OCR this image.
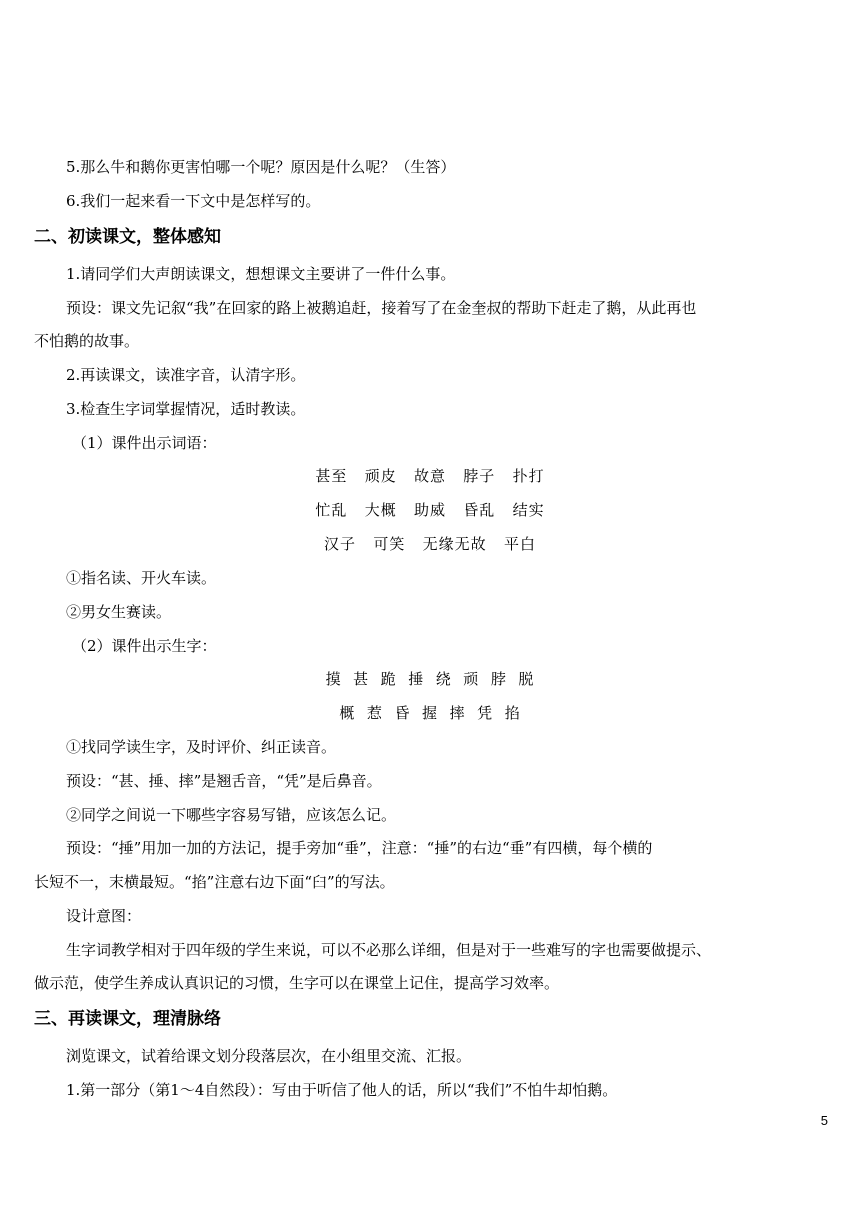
5.那么牛和鹅你更害怕哪一个呢？原因是什么呢？（生答）
6.我们一起来看一下文中是怎样写的。
二、初读课文，整体感知
1.请同学们大声朗读课文，想想课文主要讲了一件什么事。
预设：课文先记叙“我”在回家的路上被鹅追赶，接着写了在金奎叔的帮助下赶走了鹅，从此再也
不怕鹅的故事。
2.再读课文，读准字音，认清字形。
3.检查生字词掌握情况，适时教读。
（1）课件出示词语：
甚至   顽皮   故意   脖子   扑打
忙乱   大概   助威   昏乱   结实
汉子   可笑   无缘无故   平白
①指名读、开火车读。
②男女生赛读。
（2）课件出示生字：
摸  甚  跪  捶  绕  顽  脖  脱
概  惹  昏  握  摔  凭  掐
①找同学读生字，及时评价、纠正读音。
预设：“甚、捶、摔”是翘舌音，“凭”是后鼻音。
②同学之间说一下哪些字容易写错，应该怎么记。
预设：“捶”用加一加的方法记，提手旁加“垂”，注意：“捶”的右边“垂”有四横，每个横的
长短不一，末横最短。“掐”注意右边下面“臼”的写法。
设计意图：
生字词教学相对于四年级的学生来说，可以不必那么详细，但是对于一些难写的字也需要做提示、
做示范，使学生养成认真识记的习惯，生字可以在课堂上记住，提高学习效率。
三、再读课文，理清脉络
浏览课文，试着给课文划分段落层次，在小组里交流、汇报。
1.第一部分（第1～4自然段）：写由于听信了他人的话，所以“我们”不怕牛却怕鹅。
5
